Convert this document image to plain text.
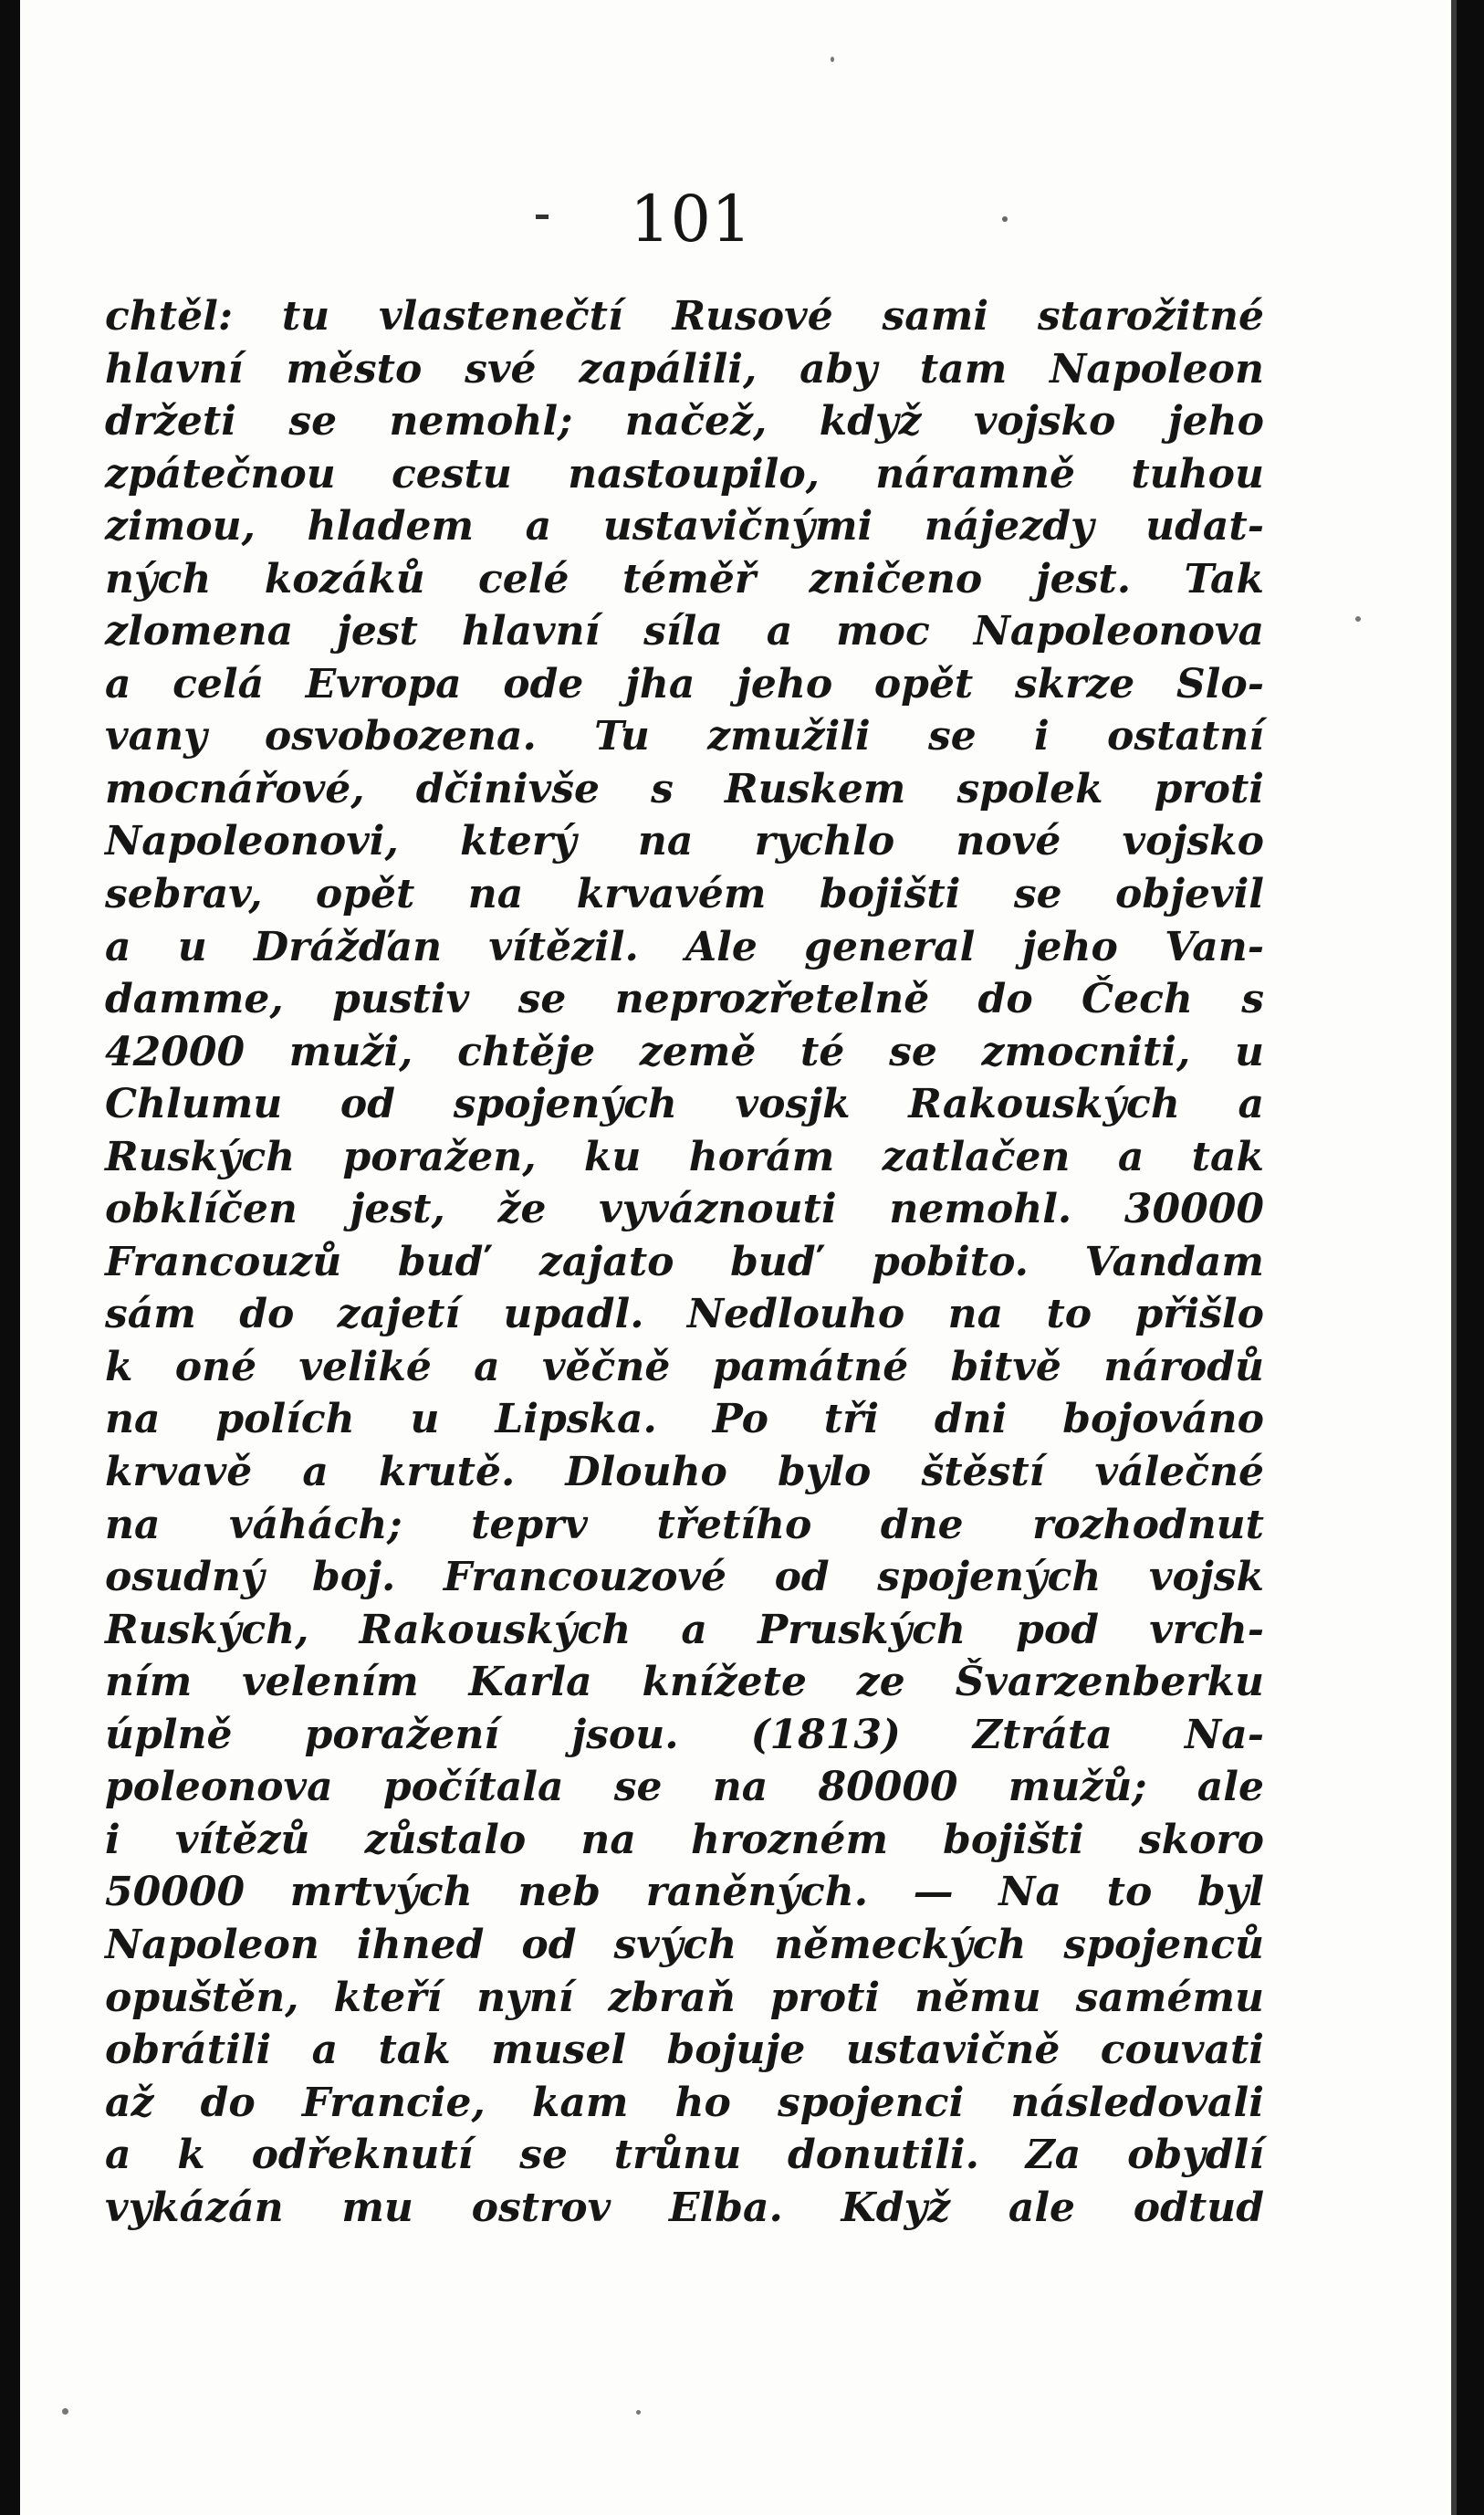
101
chtěl: tu vlastenečtí Rusové sami starožitné
hlavní město své zapálili, aby tam Napoleon
držeti se nemohl; načež, když vojsko jeho
zpátečnou cestu nastoupilo, náramně tuhou
zimou, hladem a ustavičnými nájezdy udat-
ných kozáků celé téměř zničeno jest. Tak
zlomena jest hlavní síla a moc Napoleonova
a celá Evropa ode jha jeho opět skrze Slo-
vany osvobozena. Tu zmužili se i ostatní
mocnářové, dčinivše s Ruskem spolek proti
Napoleonovi, který na rychlo nové vojsko
sebrav, opět na krvavém bojišti se objevil
a u Drážďan vítězil. Ale general jeho Van-
damme, pustiv se neprozřetelně do Čech s
42000 muži, chtěje země té se zmocniti, u
Chlumu od spojených vosjk Rakouských a
Ruských poražen, ku horám zatlačen a tak
obklíčen jest, že vyváznouti nemohl. 30000
Francouzů buď zajato buď pobito. Vandam
sám do zajetí upadl. Nedlouho na to přišlo
k oné veliké a věčně památné bitvě národů
na polích u Lipska. Po tři dni bojováno
krvavě a krutě. Dlouho bylo štěstí válečné
na váhách; teprv třetího dne rozhodnut
osudný boj. Francouzové od spojených vojsk
Ruských, Rakouských a Pruských pod vrch-
ním velením Karla knížete ze Švarzenberku
úplně poražení jsou. (1813) Ztráta Na-
poleonova počítala se na 80000 mužů; ale
i vítězů zůstalo na hrozném bojišti skoro
50000 mrtvých neb raněných. — Na to byl
Napoleon ihned od svých německých spojenců
opuštěn, kteří nyní zbraň proti němu samému
obrátili a tak musel bojuje ustavičně couvati
až do Francie, kam ho spojenci následovali
a k odřeknutí se trůnu donutili. Za obydlí
vykázán mu ostrov Elba. Když ale odtud
